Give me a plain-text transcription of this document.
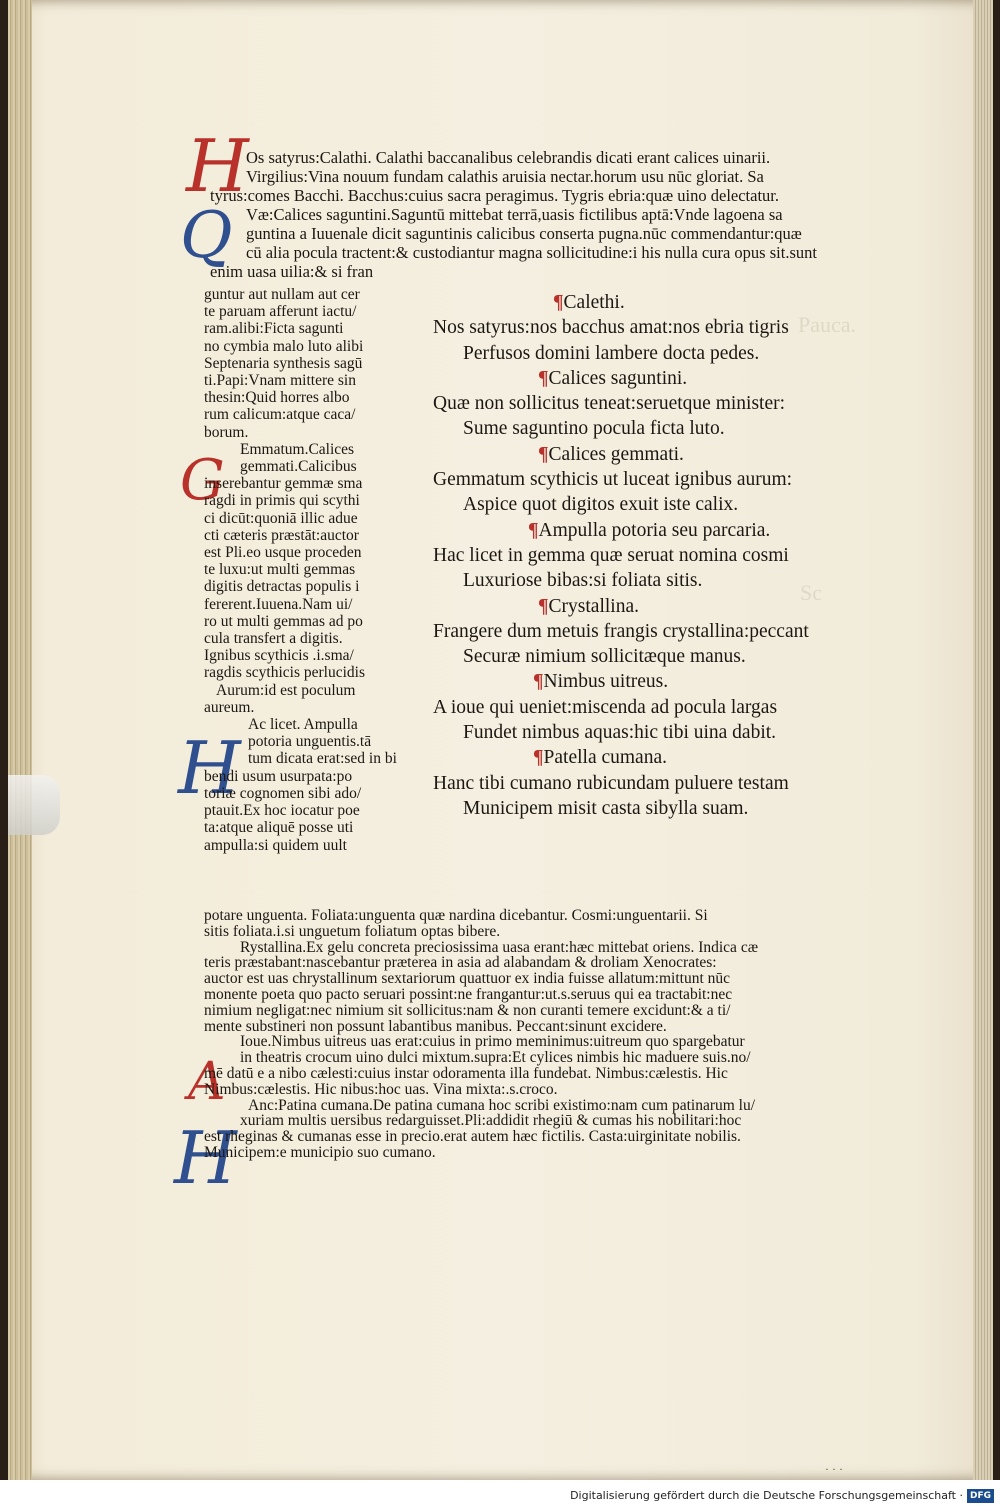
Pauca.
Sc
H
Q
G
H
A
H
Os satyrus:Calathi. Calathi baccanalibus celebrandis dicati erant calices uinarii.
Virgilius:Vina nouum fundam calathis aruisia nectar.horum usu nūc gloriat. Sa
tyrus:comes Bacchi. Bacchus:cuius sacra peragimus. Tygris ebria:quæ uino delectatur.
Væ:Calices saguntini.Saguntū mittebat terrā,uasis fictilibus aptā:Vnde lagoena sa
guntina a Iuuenale dicit saguntinis calicibus conserta pugna.nūc commendantur:quæ
cū alia pocula tractent:& custodiantur magna sollicitudine:i his nulla cura opus sit.sunt
enim uasa uilia:& si fran
guntur aut nullam aut cer
te paruam afferunt iactu/
ram.alibi:Ficta sagunti
no cymbia malo luto alibi
Septenaria synthesis sagū
ti.Papi:Vnam mittere sin
thesin:Quid horres albo
rum calicum:atque caca/
borum.
Emmatum.Calices
gemmati.Calicibus
inserebantur gemmæ sma
ragdi in primis qui scythi
ci dicūt:quoniā illic adue
cti cæteris præstāt:auctor
est Pli.eo usque proceden
te luxu:ut multi gemmas
digitis detractas populis i
fererent.Iuuena.Nam ui/
ro ut multi gemmas ad po
cula transfert a digitis.
Ignibus scythicis .i.sma/
ragdis scythicis perlucidis
Aurum:id est poculum
aureum.
Ac licet. Ampulla
potoria unguentis.tā
tum dicata erat:sed in bi
bendi usum usurpata:po
toriæ cognomen sibi ado/
ptauit.Ex hoc iocatur poe
ta:atque aliquē posse uti
ampulla:si quidem uult
¶Calethi.
Nos satyrus:nos bacchus amat:nos ebria tigris
Perfusos domini lambere docta pedes.
¶Calices saguntini.
Quæ non sollicitus teneat:seruetque minister:
Sume saguntino pocula ficta luto.
¶Calices gemmati.
Gemmatum scythicis ut luceat ignibus aurum:
Aspice quot digitos exuit iste calix.
¶Ampulla potoria seu parcaria.
Hac licet in gemma quæ seruat nomina cosmi
Luxuriose bibas:si foliata sitis.
¶Crystallina.
Frangere dum metuis frangis crystallina:peccant
Securæ nimium sollicitæque manus.
¶Nimbus uitreus.
A ioue qui ueniet:miscenda ad pocula largas
Fundet nimbus aquas:hic tibi uina dabit.
¶Patella cumana.
Hanc tibi cumano rubicundam puluere testam
Municipem misit casta sibylla suam.
potare unguenta. Foliata:unguenta quæ nardina dicebantur. Cosmi:unguentarii. Si
sitis foliata.i.si unguetum foliatum optas bibere.
Rystallina.Ex gelu concreta preciosissima uasa erant:hæc mittebat oriens. Indica cæ
teris præstabant:nascebantur præterea in asia ad alabandam & droliam Xenocrates:
auctor est uas chrystallinum sextariorum quattuor ex india fuisse allatum:mittunt nūc
monente poeta quo pacto seruari possint:ne frangantur:ut.s.seruus qui ea tractabit:nec
nimium negligat:nec nimium sit sollicitus:nam & non curanti temere excidunt:& a ti/
mente substineri non possunt labantibus manibus. Peccant:sinunt excidere.
Ioue.Nimbus uitreus uas erat:cuius in primo meminimus:uitreum quo spargebatur
in theatris crocum uino dulci mixtum.supra:Et cylices nimbis hic maduere suis.no/
mē datū e a nibo cælesti:cuius instar odoramenta illa fundebat. Nimbus:cælestis. Hic
Nimbus:cælestis. Hic nibus:hoc uas. Vina mixta:.s.croco.
Anc:Patina cumana.De patina cumana hoc scribi existimo:nam cum patinarum lu/
xuriam multis uersibus redarguisset.Pli:addidit rhegiū & cumas his nobilitari:hoc
est rheginas & cumanas esse in precio.erat autem hæc fictilis. Casta:uirginitate nobilis.
Municipem:e municipio suo cumano.
· · ·
Digitalisierung gefördert durch die Deutsche Forschungsgemeinschaft · DFG
